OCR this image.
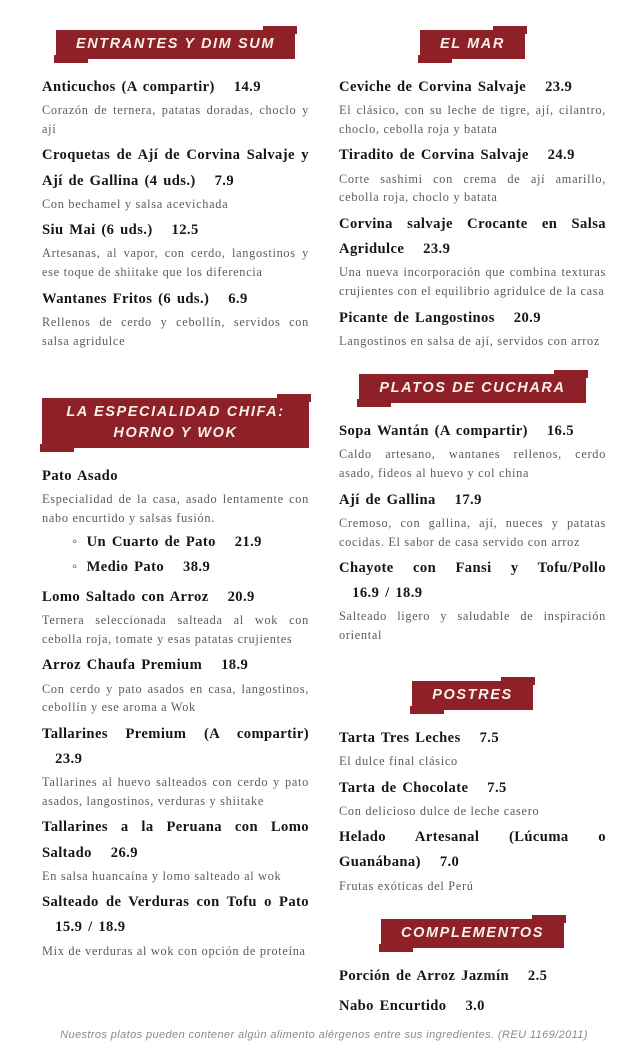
ENTRANTES Y DIM SUM

Anticuchos (A compartir) 14.9

Corazón de ternera, patatas doradas, choclo y ají

Croquetas de Ají de Corvina Salvaje y Ají de Gallina (4 uds.) 7.9

Con bechamel y salsa acevichada

Siu Mai (6 uds.) 12.5

Artesanas, al vapor, con cerdo, langostinos y ese toque de shiitake que los diferencia

Wantanes Fritos (6 uds.) 6.9

Rellenos de cerdo y cebollín, servidos con salsa agridulce

LA ESPECIALIDAD CHIFA: HORNO Y WOK

Pato Asado

Especialidad de la casa, asado lentamente con nabo encurtido y salsas fusión.

◦ Un Cuarto de Pato 21.9
◦ Medio Pato 38.9

Lomo Saltado con Arroz 20.9

Ternera seleccionada salteada al wok con cebolla roja, tomate y esas patatas crujientes

Arroz Chaufa Premium 18.9

Con cerdo y pato asados en casa, langostinos, cebollín y ese aroma a Wok

Tallarines Premium (A compartir) 23.9

Tallarines al huevo salteados con cerdo y pato asados, langostinos, verduras y shiitake

Tallarines a la Peruana con Lomo Saltado 26.9

En salsa huancaína y lomo salteado al wok

Salteado de Verduras con Tofu o Pato 15.9 / 18.9

Mix de verduras al wok con opción de proteína

EL MAR

Ceviche de Corvina Salvaje 23.9

El clásico, con su leche de tigre, ají, cilantro, choclo, cebolla roja y batata

Tiradito de Corvina Salvaje 24.9

Corte sashimi con crema de ají amarillo, cebolla roja, choclo y batata

Corvina salvaje Crocante en Salsa Agridulce 23.9

Una nueva incorporación que combina texturas crujientes con el equilibrio agridulce de la casa

Picante de Langostinos 20.9

Langostinos en salsa de ají, servidos con arroz

PLATOS DE CUCHARA

Sopa Wantán (A compartir) 16.5

Caldo artesano, wantanes rellenos, cerdo asado, fideos al huevo y col china

Ají de Gallina 17.9

Cremoso, con gallina, ají, nueces y patatas cocidas. El sabor de casa servido con arroz

Chayote con Fansi y Tofu/Pollo 16.9 / 18.9

Salteado ligero y saludable de inspiración oriental

POSTRES

Tarta Tres Leches 7.5

El dulce final clásico

Tarta de Chocolate 7.5

Con delicioso dulce de leche casero

Helado Artesanal (Lúcuma o Guanábana) 7.0

Frutas exóticas del Perú

COMPLEMENTOS

Porción de Arroz Jazmín 2.5

Nabo Encurtido 3.0

Nuestros platos pueden contener algún alimento alérgenos entre sus ingredientes. (REU 1169/2011)
